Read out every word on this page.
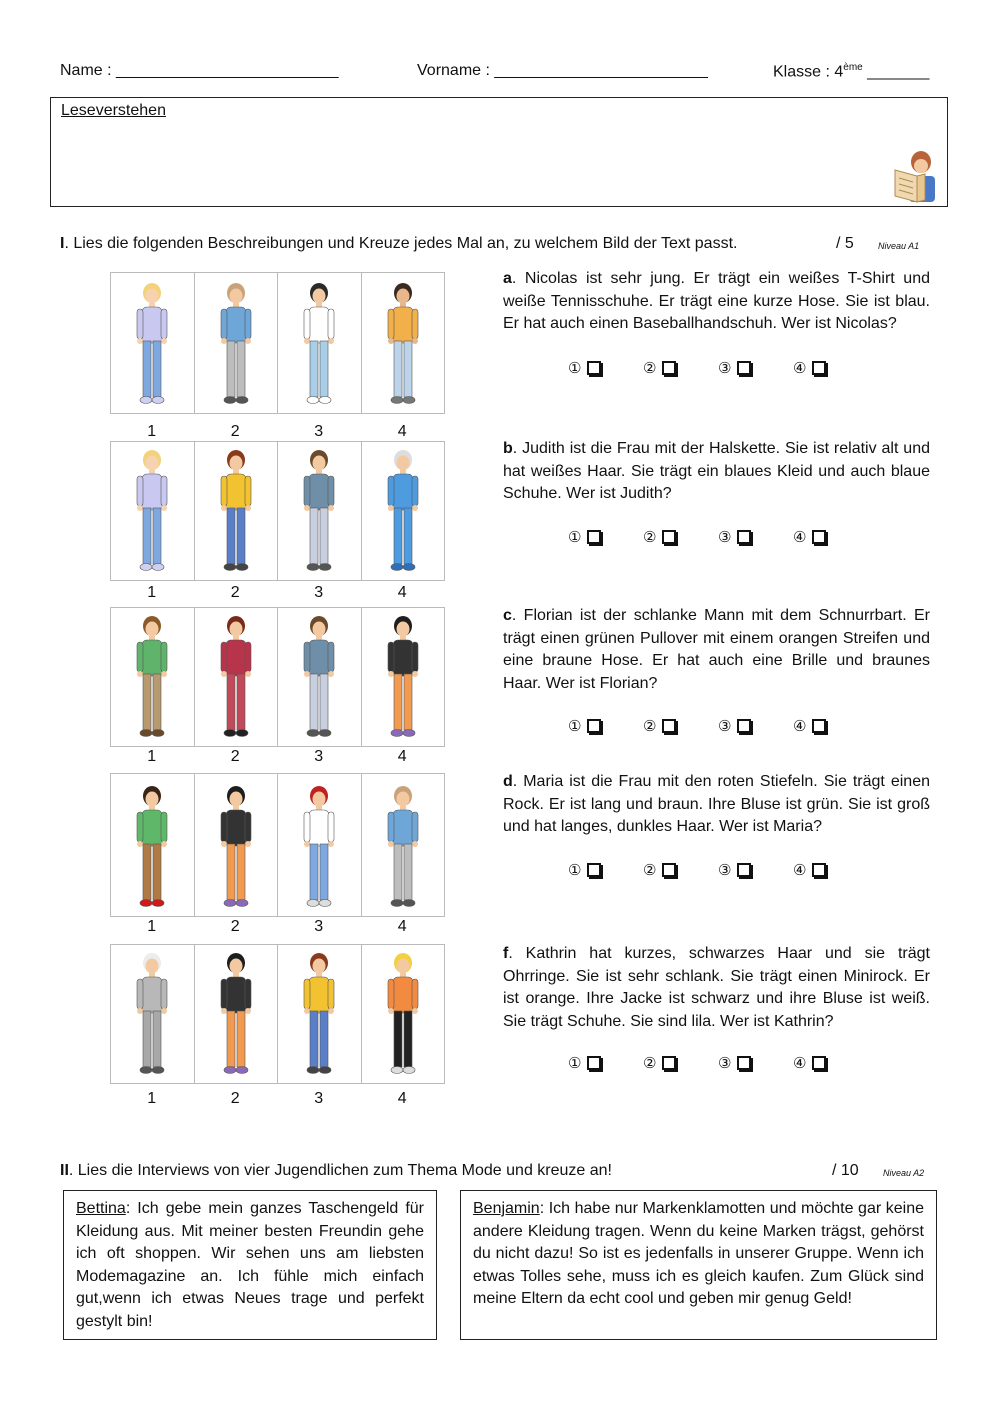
Name : _________________________	Vorname : ________________________	Klasse : 4ème _______
Leseverstehen
I. Lies die folgenden Beschreibungen und Kreuze jedes Mal an, zu welchem Bild der Text passt.	/ 5	Niveau A1
1	2	3	4
a. Nicolas ist sehr jung. Er trägt ein weißes T-Shirt und weiße Tennisschuhe. Er trägt eine kurze Hose. Sie ist blau. Er hat auch einen Baseballhandschuh. Wer ist Nicolas?
①	②	③	④
1	2	3	4
b. Judith ist die Frau mit der Halskette. Sie ist relativ alt und hat weißes Haar. Sie trägt ein blaues Kleid und auch blaue Schuhe. Wer ist Judith?
①	②	③	④
1	2	3	4
c. Florian ist der schlanke Mann mit dem Schnurrbart. Er trägt einen grünen Pullover mit einem orangen Streifen und eine braune Hose. Er hat auch eine Brille und braunes Haar. Wer ist Florian?
①	②	③	④
1	2	3	4
d. Maria ist die Frau mit den roten Stiefeln. Sie trägt einen Rock. Er ist lang und braun. Ihre Bluse ist grün. Sie ist groß und hat langes, dunkles Haar. Wer ist Maria?
①	②	③	④
1	2	3	4
f. Kathrin hat kurzes, schwarzes Haar und sie trägt Ohrringe. Sie ist sehr schlank. Sie trägt einen Minirock. Er ist orange. Ihre Jacke ist schwarz und ihre Bluse ist weiß. Sie trägt Schuhe. Sie sind lila. Wer ist Kathrin?
①	②	③	④
II. Lies die Interviews von vier Jugendlichen zum Thema Mode und kreuze an!	/ 10	Niveau A2
Bettina: Ich gebe mein ganzes Taschengeld für Kleidung aus. Mit meiner besten Freundin gehe ich oft shoppen. Wir sehen uns am liebsten Modemagazine an. Ich fühle mich einfach gut,wenn ich etwas Neues trage und perfekt gestylt bin!
Benjamin: Ich habe nur Markenklamotten und möchte gar keine andere Kleidung tragen. Wenn du keine Marken trägst, gehörst du nicht dazu! So ist es jedenfalls in unserer Gruppe. Wenn ich etwas Tolles sehe, muss ich es gleich kaufen. Zum Glück sind meine Eltern da echt cool und geben mir genug Geld!
